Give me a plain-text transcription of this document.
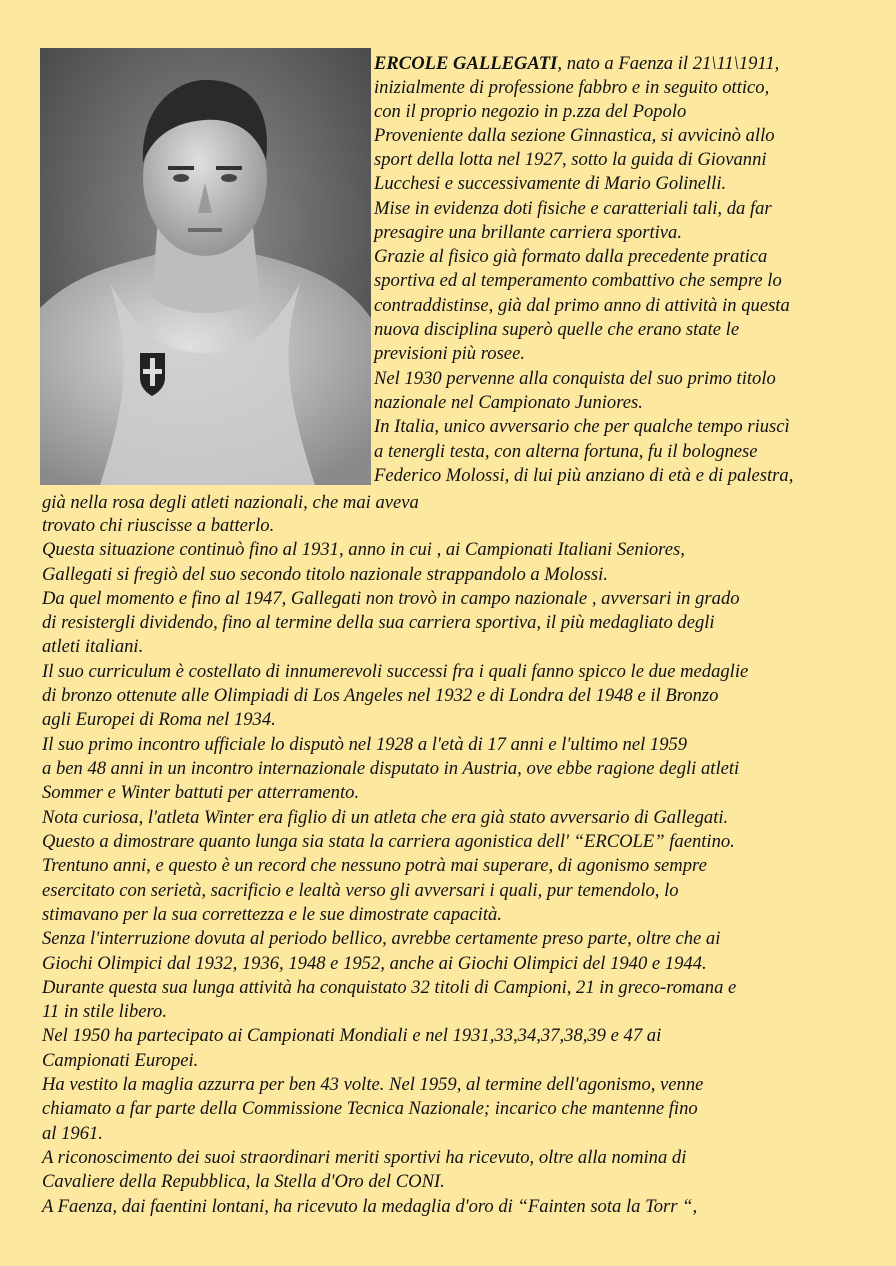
ERCOLE GALLEGATI, nato a Faenza il 21\11\1911,
inizialmente di professione fabbro e in seguito ottico,
con il proprio negozio in p.zza del Popolo
Proveniente dalla sezione Ginnastica, si avvicinò allo
sport della lotta nel 1927, sotto la guida di Giovanni
Lucchesi e successivamente di Mario Golinelli.
Mise in evidenza doti fisiche e caratteriali tali, da far
presagire una brillante carriera sportiva.
Grazie al fisico già formato dalla precedente pratica
sportiva ed al temperamento combattivo che sempre lo
contraddistinse, già dal primo anno di attività in questa
nuova disciplina superò quelle che erano state le
previsioni più rosee.
Nel 1930 pervenne alla conquista del suo primo titolo
nazionale nel Campionato Juniores.
In Italia, unico avversario che per qualche tempo riuscì
a tenergli testa, con alterna fortuna, fu il bolognese
Federico Molossi, di lui più anziano di età e di palestra,
già nella rosa degli atleti nazionali, che mai aveva
trovato chi riuscisse a batterlo.
Questa situazione continuò fino al 1931, anno in cui , ai Campionati Italiani Seniores,
Gallegati si fregiò del suo secondo titolo nazionale strappandolo a Molossi.
Da quel momento e fino al 1947, Gallegati non trovò in campo nazionale , avversari in grado
di resistergli dividendo, fino al termine della sua carriera sportiva, il più medagliato degli
atleti italiani.
Il suo curriculum è costellato di innumerevoli successi fra i quali fanno spicco le due medaglie
di bronzo ottenute alle Olimpiadi di Los Angeles nel 1932 e di Londra del 1948 e il Bronzo
agli Europei di Roma nel 1934.
Il suo primo incontro ufficiale lo disputò nel 1928 a l'età di 17 anni e l'ultimo nel 1959
a ben 48 anni in un incontro internazionale disputato in Austria, ove ebbe ragione degli atleti
Sommer e Winter battuti per atterramento.
Nota curiosa, l'atleta Winter era figlio di un atleta che era già stato avversario di Gallegati.
Questo a dimostrare quanto lunga sia stata la carriera agonistica dell' “ERCOLE” faentino.
Trentuno anni, e questo è un record che nessuno potrà mai superare, di agonismo sempre
esercitato con serietà, sacrificio e lealtà verso gli avversari i quali, pur temendolo, lo
stimavano per la sua correttezza e le sue dimostrate capacità.
Senza l'interruzione dovuta al periodo bellico, avrebbe certamente preso parte, oltre che ai
Giochi Olimpici dal 1932, 1936, 1948 e 1952, anche ai Giochi Olimpici del 1940 e 1944.
Durante questa sua lunga attività ha conquistato 32 titoli di Campioni, 21 in greco-romana e
11 in stile libero.
Nel 1950 ha partecipato ai Campionati Mondiali e nel 1931,33,34,37,38,39 e 47 ai
Campionati Europei.
Ha vestito la maglia azzurra per ben 43 volte. Nel 1959, al termine dell'agonismo, venne
chiamato a far parte della Commissione Tecnica Nazionale; incarico che mantenne fino
al 1961.
A riconoscimento dei suoi straordinari meriti sportivi ha ricevuto, oltre alla nomina di
Cavaliere della Repubblica, la Stella d'Oro del CONI.
A Faenza, dai faentini lontani, ha ricevuto la medaglia d'oro di “Fainten sota la Torr “,
